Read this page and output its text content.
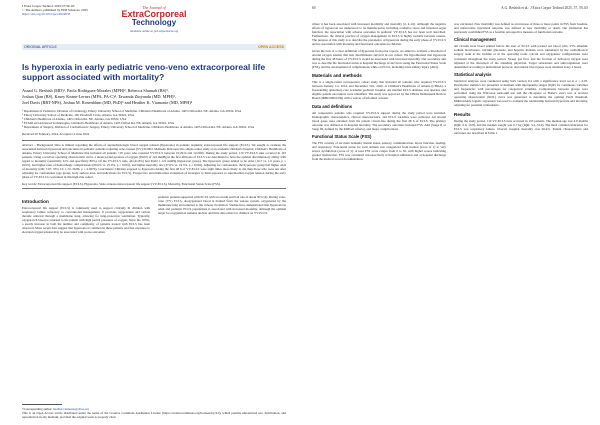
J Extra Corpor Technol. 2025;57:59–65
© The Authors, published by EDP Sciences, 2025
https://doi.org/10.1051/ject/2024033
The Journal of
ExtraCorporeal
Technology
Available online at: ject.edpsciences.org
ORIGINAL ARTICLE	OPEN ACCESS
Is hyperoxia in early pediatric veno-veno extracorporeal life support associated with mortality?
Asaad G. Beshish (MD)¹, Paola Rodriguez-Morales (MPH)², Rebecca Shamah (BS)³,
Joshua Qian (BS), Kasey Keane-Lerner (MPA, PA-C)⁴, Tawanda Zinyandu (MD, MPH)⁵,
Joel Davis (RRT-NPS), Joshua M. Rosenblum (MD, PhD)⁶ and Heather K. Viamonte (MD, MPH)⁶
¹ Department of Pediatrics, Division of Cardiology, Emory University School of Medicine, Children's Healthcare of Atlanta, 1405 Clifton Rd. NE, Atlanta, GA 30322, USA
² Emory University School of Medicine, 100 Woodruff Circle, Atlanta, GA 30322, USA
³ Children's Healthcare of Atlanta, 1405 Clifton Rd. NE, Atlanta, GA 30322, USA
⁴ ECMO and Advanced Technologies, Children's Healthcare of Atlanta, 1405 Clifton Rd. NE, Atlanta, GA 30322, USA
⁵ Department of Surgery, Division of Cardiothoracic Surgery, Emory University School of Medicine, Children's Healthcare of Atlanta, 1405 Clifton Rd. NE, Atlanta, GA 30322, USA
Received 20 February, 2024, Accepted 12 June 2024
Abstract – Background: Data is limited regarding the effects of supraphysiologic blood oxygen tension (hyperoxia) in patients requiring extracorporeal life support (ECLS). We sought to evaluate the association between hyperoxia and outcomes in pediatric patients requiring veno-venous (VV) ECMO. Methods: Retrospective single-center study at an academic children's hospital, Children's Healthcare of Atlanta, Emory University School of Medicine that included all patients <18 years who required VV-ECLS between 01/2014 and 12/2020. During the study period, 110 VV-ECLS runs occurred in 103 patients. Using a receiver operating characteristic curve, a mean partial pressure of oxygen (PaO2) of 122 mmHg in the first 48 hours of ECLS was determined to have the optimal discriminatory ability with regard to mortality (sensitivity 61% and specificity 80%). Of the VV-ECLS runs, 46 (41.8%) had PaO2 ≥ 122 mmHg (hyperoxic group). The hyperoxic group tended to be older (10.7 vs. 1.6 years, p = 0.001), had higher rates of hemorrhagic complications (69.6% vs. 25.0%, p = 0.001), and higher mortality rate (37.9% vs. 19.3%, p = 0.002). Adjusting for confounders, the hyperoxic group had higher odds of mortality (OR: 7.97, 95% CI: 1.72–36.86, p = 0.0079). Conclusion: Children exposed to hyperoxia during the first 48 h of VV-ECLS were eight times more likely to die than those who were not after adjusting for confounders (age group, body surface area, and indications for ECLS). Prospective and multicenter evaluation of strategies to limit exposure to supranormal oxygen tension during the early phase of VV-ECLS is warranted in this high-risk cohort.
Key words: Extracorporeal life support (ECLS), Hyperoxia, Veno-venous extracorporeal life support (VV-ECLS), Mortality, Functional Status Scale (FSS).
Introduction
Extracorporeal life support (ECLS) is commonly used to support critically ill children with respiratory failure refractory to conventional management. It provides oxygenation and carbon dioxide removal through a membrane lung, allowing for lung-protective ventilation. Typically, oxygen-rich blood is returned to the patient with high partial pressures of oxygen. Since the 1970s, a steady increase in both the number and complexity of patients treated with ECLS has been observed. More recent data suggest that hyperoxia is common in these patients and that exposure to elevated oxygen tension may be associated with worse outcomes.
pediatric patients supported with ECLS with an overall survival rate of about 50% [4]. During veno-veno (VV) ECLS, deoxygenated blood is drained from the venous system, oxygenated by the membrane lung and returned to the venous circulation. Studies have demonstrated that hyperoxia in adult and pediatric ECLS populations is associated with increased mortality, although the optimal target for oxygenation remains unclear and little data exists for children on VV-ECLS.
*Corresponding author: heather.viamonte@choa.org
This is an Open Access article distributed under the terms of the Creative Commons Attribution License (https://creativecommons.org/licenses/by/4.0), which permits unrestricted use, distribution, and reproduction in any medium, provided the original work is properly cited.
60	A.G. Beshish et al.: J Extra Corpor Technol 2025, 57, 59–65

where it has been associated with increased morbidity and mortality [2, 4–16]. Although the negative effects of hyperoxia are understood to be multifactorial, including oxidative stress and impaired organ function, the association with adverse outcomes in pediatric VV-ECLS has not been well described. Furthermore, the clinical practice of oxygen management in ECLS is highly variable between centers. The purpose of this study is to describe the prevalence of hyperoxia during the early phase of VV-ECLS and its association with mortality and functional outcomes in children.

Given the lack of a clear definition of hyperoxia from prior reports, we aimed to evaluate a threshold of arterial oxygen tension that best discriminates survival in our cohort. We hypothesized that hyperoxia during the first 48 hours of VV-ECLS would be associated with increased mortality. Our secondary aim was to describe the functional status at hospital discharge of survivors using the Functional Status Scale (FSS), and the development of complications while on ECLS, including acute kidney injury (AKI).

Materials and methods

This is a single-center retrospective cohort study that included all patients who required VV-ECLS between January 1st, 2014, and December 31st, 2020, at Children's Healthcare of Atlanta (CHOA), a freestanding quaternary-care academic pediatric hospital. An internal ECLS database was queried, and eligible patient encounters were identified. The study was approved by the CHOA Institutional Review Board (IRB# 00001239) with a waiver of informed consent.

Data and definitions

All consecutive patients who required VV-ECLS support during the study period were included. Demographic characteristics, clinical characteristics, and ECLS variables were collected. All arterial blood gases were obtained from the patient circuit-free during the first 48 h of ECLS. The primary outcome was defined as in-hospital mortality. The secondary outcomes included FSS, AKI (Stage II or Stage III, defined by the KDIGO criteria), and major complications.

Functional Status Scale (FSS)

The FSS consists of six main domains: mental status, sensory, communication, motor function, feeding, and respiratory. Functional status for each domain was categorized from normal (score of 1) to very severe dysfunction (score of 5). A total FSS score ranges from 6 to 30, with higher scores indicating greater dysfunction. FSS was calculated retrospectively at hospital admission and at hospital discharge from the medical record documentation.

was calculated. New morbidity was defined as an increase of three or more points in FSS from baseline, and unfavorable functional outcome was defined as new morbidity or death. Our institution has previously established FSS as a feasible retrospective measure of functional outcome.

Clinical management

All circuits were blood primed before the start of ECLS with packed red blood cells, 25% albumin, sodium bicarbonate, calcium gluconate, and heparin. Patients were cannulated by the cardiothoracic surgery team at the bedside or in the operating room. Circuit and oxygenator configurations were consistent throughout the study period. Sweep gas flow and the fraction of delivered oxygen were adjusted at the discretion of the attending physician. Target saturations and anticoagulation were determined according to institutional protocol, and arterial blood gases were obtained every 4 hours.

Statistical analysis

Statistical analyses were conducted using SAS version 9.4 with a significance level set at α = 0.05. Descriptive statistics are presented as medians with interquartile ranges (IQR) for continuous variables and frequencies with percentages for categorical variables. Comparisons between groups were performed using the Wilcoxon rank-sum test and the chi-square or Fisher's exact test. A receiver operating characteristic (ROC) curve was generated to determine the optimal PaO2 threshold. Multivariable logistic regression was used to evaluate the relationship between hyperoxia and mortality, adjusting for potential confounders.

Results

During the study period, 110 VV-ECLS runs occurred in 103 patients. The median age was 4.9 months (IQR: 0.0, 10.8), and the median weight was 6.7 kg (IQR: 3.4, 33.0). The most common indication for ECLS was respiratory failure. Overall, hospital mortality was 26.4%. Patient characteristics and outcomes are described in Table 1.
